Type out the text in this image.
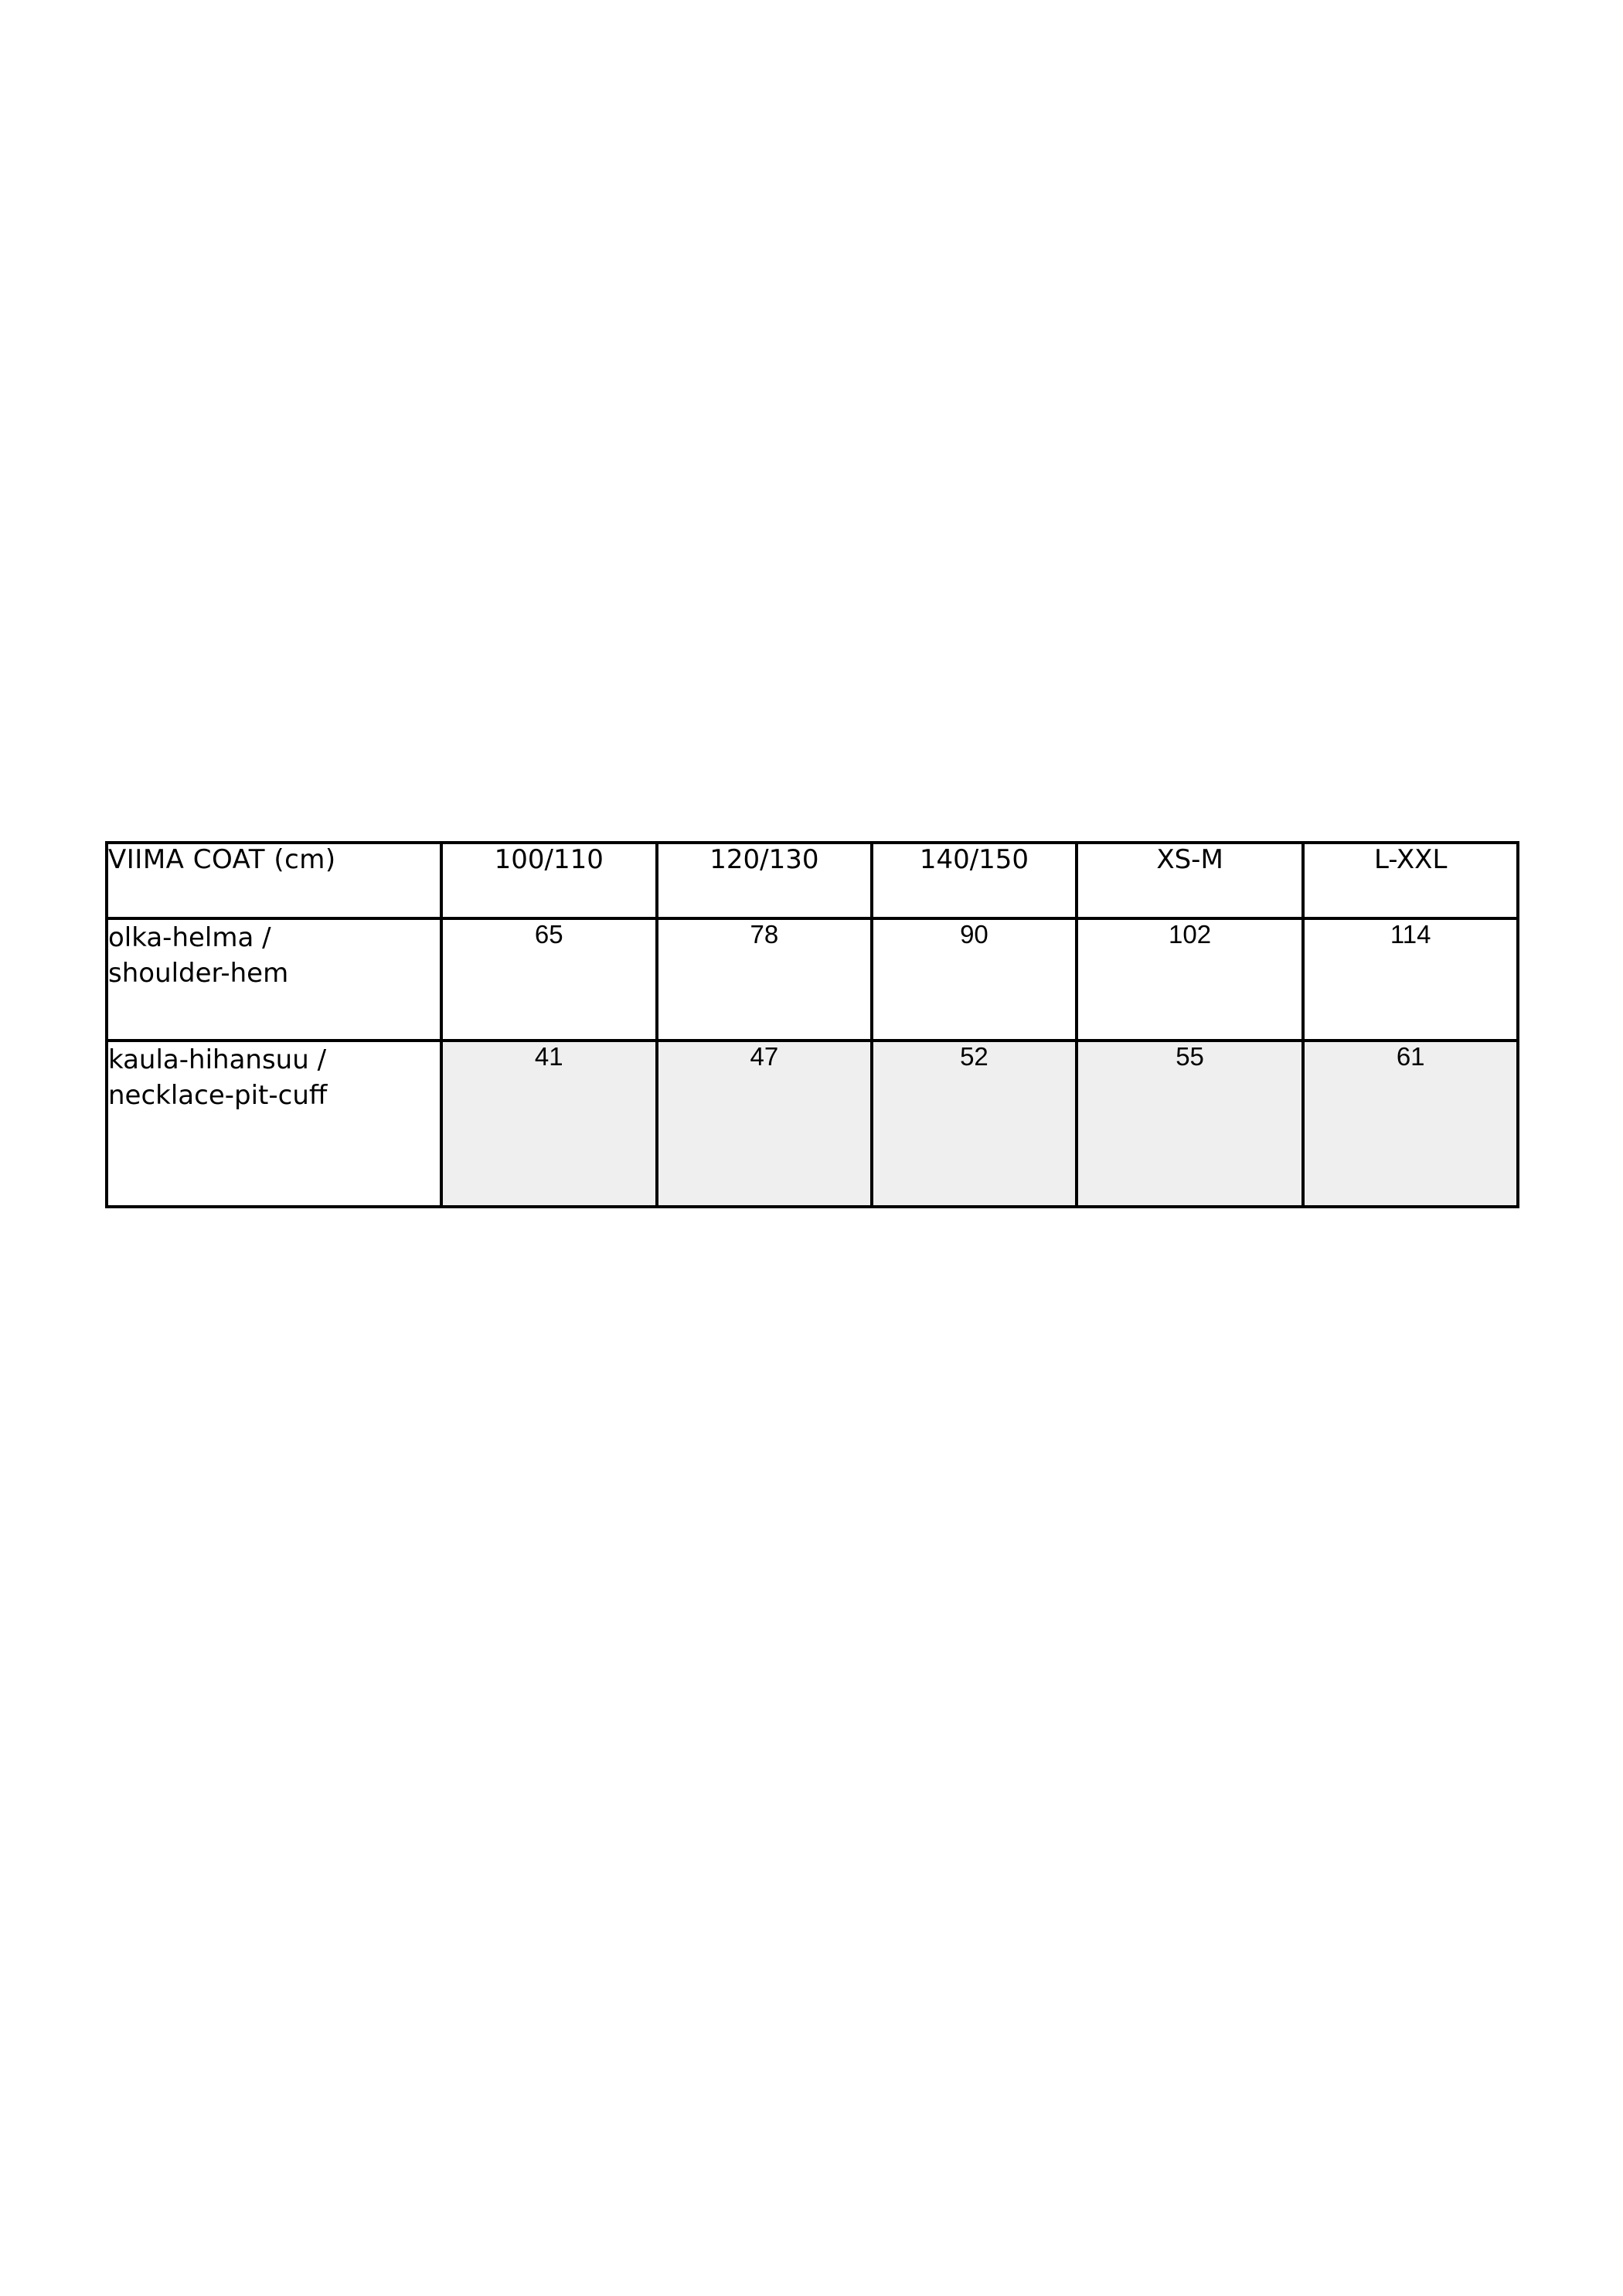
VIIMA COAT (cm)	100/110	120/130	140/150	XS-M	L-XXL

olka-helma /
shoulder-hem	65	78	90	102	114

kaula-hihansuu /
necklace-pit-cuff	41	47	52	55	61
